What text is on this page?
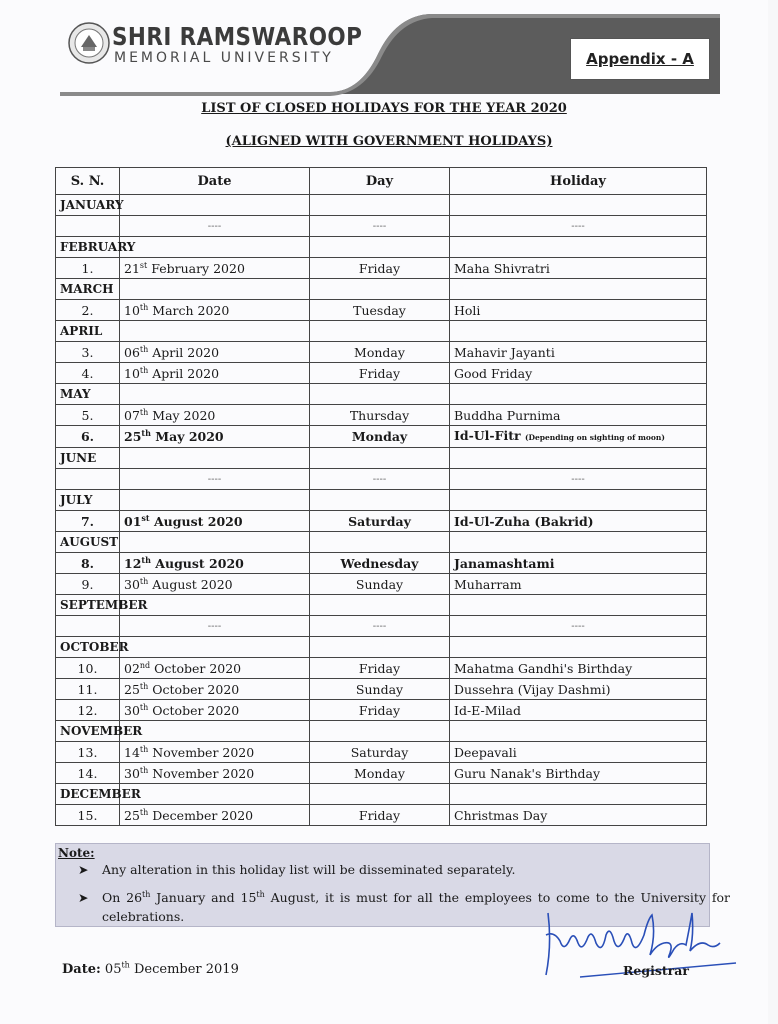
SHRI RAMSWAROOP
MEMORIAL UNIVERSITY	Appendix - A
LIST OF CLOSED HOLIDAYS FOR THE YEAR 2020
(ALIGNED WITH GOVERNMENT HOLIDAYS)
S. N.	Date	Day	Holiday
JANUARY			
	----	----	----
FEBRUARY			
1.	21st February 2020	Friday	Maha Shivratri
MARCH			
2.	10th March 2020	Tuesday	Holi
APRIL			
3.	06th April 2020	Monday	Mahavir Jayanti
4.	10th April 2020	Friday	Good Friday
MAY			
5.	07th May 2020	Thursday	Buddha Purnima
6.	25th May 2020	Monday	Id-Ul-Fitr (Depending on sighting of moon)
JUNE			
	----	----	----
JULY			
7.	01st August 2020	Saturday	Id-Ul-Zuha (Bakrid)
AUGUST			
8.	12th August 2020	Wednesday	Janamashtami
9.	30th August 2020	Sunday	Muharram
SEPTEMBER			
	----	----	----
OCTOBER			
10.	02nd October 2020	Friday	Mahatma Gandhi's Birthday
11.	25th October 2020	Sunday	Dussehra (Vijay Dashmi)
12.	30th October 2020	Friday	Id-E-Milad
NOVEMBER			
13.	14th November 2020	Saturday	Deepavali
14.	30th November 2020	Monday	Guru Nanak's Birthday
DECEMBER			
15.	25th December 2020	Friday	Christmas Day
Note:
➤ Any alteration in this holiday list will be disseminated separately.
➤ On 26th January and 15th August, it is must for all the employees to come to the University for celebrations.
Date: 05th December 2019	Registrar
